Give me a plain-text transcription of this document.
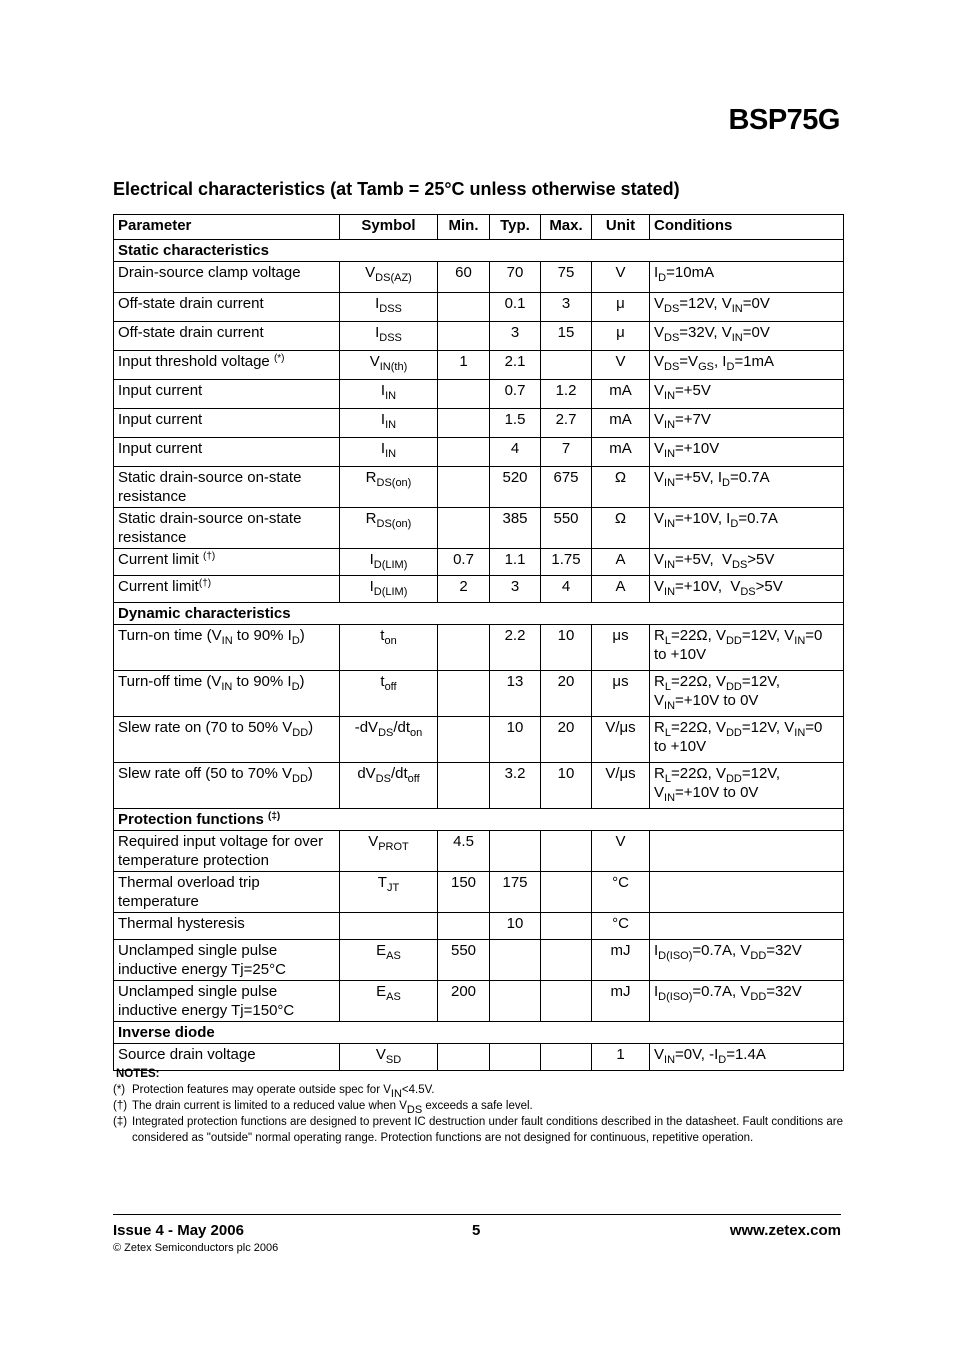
BSP75G
Electrical characteristics (at Tamb = 25°C unless otherwise stated)
Parameter	Symbol	Min.	Typ.	Max.	Unit	Conditions
Static characteristics						
Drain-source clamp voltage	$V_{DS(AZ)}$	60	70	75	V	$I_D=10mA$
Off-state drain current	$I_{DSS}$		0.1	3	μ	$V_{DS}=12V$, $V_{IN}=0V$
Off-state drain current	$I_{DSS}$		3	15	μ	$V_{DS}=32V$, $V_{IN}=0V$
Input threshold voltage (*)	$V_{IN(th)}$	1	2.1		V	$V_{DS}=V_{GS}$, $I_D=1mA$
Input current	$I_{IN}$		0.7	1.2	mA	$V_{IN}=+5V$
Input current	$I_{IN}$		1.5	2.7	mA	$V_{IN}=+7V$
Input current	$I_{IN}$		4	7	mA	$V_{IN}=+10V$
Static drain-source on-state resistance	$R_{DS(on)}$		520	675	Ω	$V_{IN}=+5V$, $I_D=0.7A$
Static drain-source on-state resistance	$R_{DS(on)}$		385	550	Ω	$V_{IN}=+10V$, $I_D=0.7A$
Current limit (†)	$I_{D(LIM)}$	0.7	1.1	1.75	A	$V_{IN}=+5V$,  $V_{DS}>5V$
Current limit(†)	$I_{D(LIM)}$	2	3	4	A	$V_{IN}=+10V$,  $V_{DS}>5V$
Dynamic characteristics						
Turn-on time ($V_{IN}$ to 90% $I_D$)	$t_{on}$		2.2	10	μs	$R_L=22\Omega$, $V_{DD}=12V$, $V_{IN}=0$ to +10V
Turn-off time ($V_{IN}$ to 90% $I_D$)	$t_{off}$		13	20	μs	$R_L=22\Omega$, $V_{DD}=12V$, $V_{IN}=+10V$ to 0V
Slew rate on (70 to 50% $V_{DD}$)	$-dV_{DS}/dt_{on}$		10	20	V/μs	$R_L=22\Omega$, $V_{DD}=12V$, $V_{IN}=0$ to +10V
Slew rate off (50 to 70% $V_{DD}$)	$dV_{DS}/dt_{off}$		3.2	10	V/μs	$R_L=22\Omega$, $V_{DD}=12V$, $V_{IN}=+10V$ to 0V
Protection functions (‡)
Required input voltage for over temperature protection	$V_{PROT}$	4.5			V	
Thermal overload trip temperature	$T_{JT}$	150	175		°C	
Thermal hysteresis			10		°C	
Unclamped single pulse inductive energy Tj=25°C	$E_{AS}$	550			mJ	$I_{D(ISO)}=0.7A$, $V_{DD}=32V$
Unclamped single pulse inductive energy Tj=150°C	$E_{AS}$	200			mJ	$I_{D(ISO)}=0.7A$, $V_{DD}=32V$
Inverse diode						
Source drain voltage	$V_{SD}$				1	$V_{IN}=0V$, $-I_D=1.4A$
NOTES:
(*) Protection features may operate outside spec for $V_{IN}<4.5V$.
(†) The drain current is limited to a reduced value when $V_{DS}$ exceeds a safe level.
(‡) Integrated protection functions are designed to prevent IC destruction under fault conditions described in the datasheet. Fault conditions are considered as "outside" normal operating range. Protection functions are not designed for continuous, repetitive operation.
Issue 4 - May 2006	5	www.zetex.com
© Zetex Semiconductors plc 2006
